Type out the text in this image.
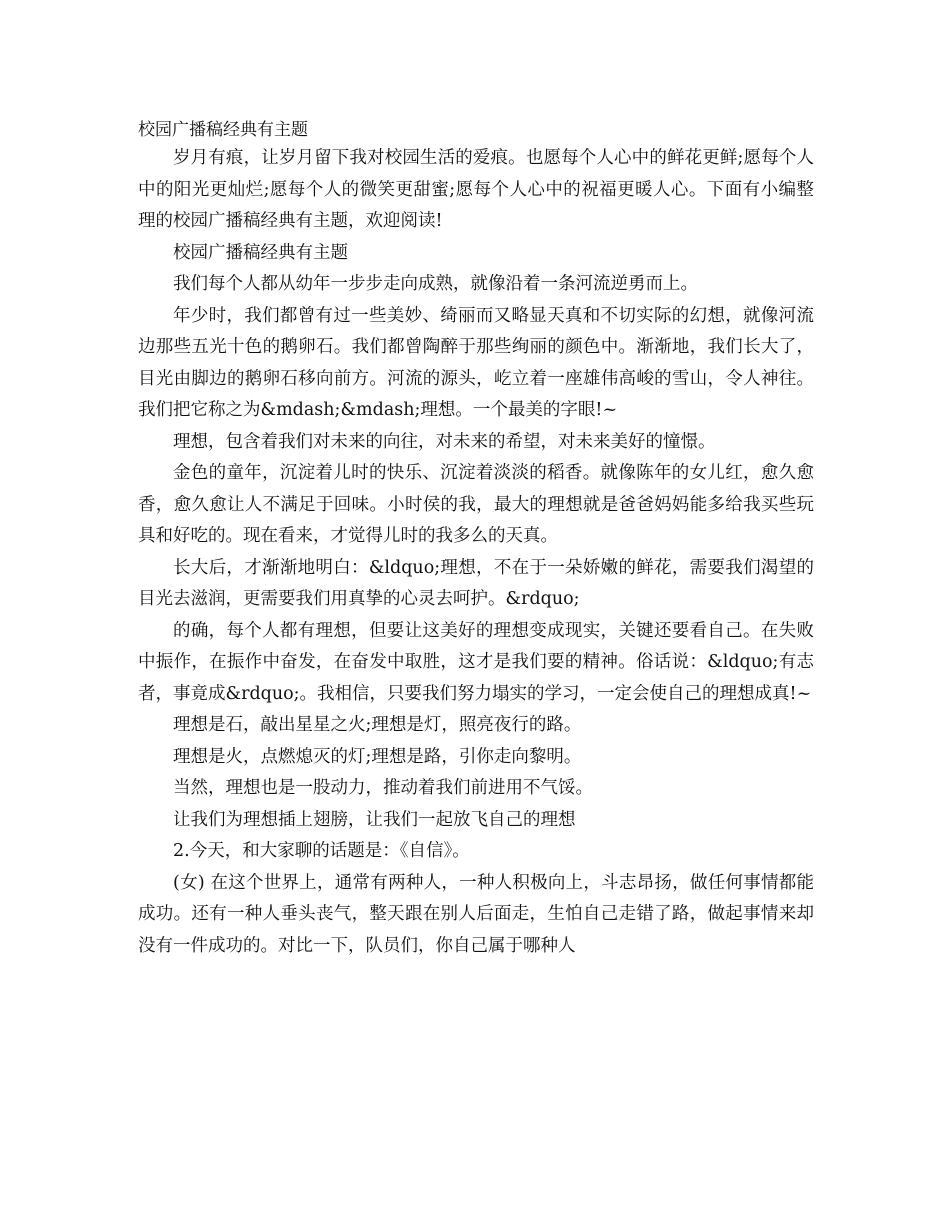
校园广播稿经典有主题

岁月有痕，让岁月留下我对校园生活的爱痕。也愿每个人心中的鲜花更鲜;愿每个人中的阳光更灿烂;愿每个人的微笑更甜蜜;愿每个人心中的祝福更暖人心。下面有小编整理的校园广播稿经典有主题，欢迎阅读!

校园广播稿经典有主题

我们每个人都从幼年一步步走向成熟，就像沿着一条河流逆勇而上。

年少时，我们都曾有过一些美妙、绮丽而又略显天真和不切实际的幻想，就像河流边那些五光十色的鹅卵石。我们都曾陶醉于那些绚丽的颜色中。渐渐地，我们长大了，目光由脚边的鹅卵石移向前方。河流的源头，屹立着一座雄伟高峻的雪山，令人神往。我们把它称之为&mdash;&mdash;理想。一个最美的字眼!~

理想，包含着我们对未来的向往，对未来的希望，对未来美好的憧憬。

金色的童年，沉淀着儿时的快乐、沉淀着淡淡的稻香。就像陈年的女儿红，愈久愈香，愈久愈让人不满足于回味。小时侯的我，最大的理想就是爸爸妈妈能多给我买些玩具和好吃的。现在看来，才觉得儿时的我多么的天真。

长大后，才渐渐地明白：&ldquo;理想，不在于一朵娇嫩的鲜花，需要我们渴望的目光去滋润，更需要我们用真挚的心灵去呵护。&rdquo;

的确，每个人都有理想，但要让这美好的理想变成现实，关键还要看自己。在失败中振作，在振作中奋发，在奋发中取胜，这才是我们要的精神。俗话说：&ldquo;有志者，事竟成&rdquo;。我相信，只要我们努力塌实的学习，一定会使自己的理想成真!~

理想是石，敲出星星之火;理想是灯，照亮夜行的路。

理想是火，点燃熄灭的灯;理想是路，引你走向黎明。

当然，理想也是一股动力，推动着我们前进用不气馁。

让我们为理想插上翅膀，让我们一起放飞自己的理想

2.今天，和大家聊的话题是：《自信》。

(女) 在这个世界上，通常有两种人，一种人积极向上，斗志昂扬，做任何事情都能成功。还有一种人垂头丧气，整天跟在别人后面走，生怕自己走错了路，做起事情来却没有一件成功的。对比一下，队员们，你自己属于哪种人
